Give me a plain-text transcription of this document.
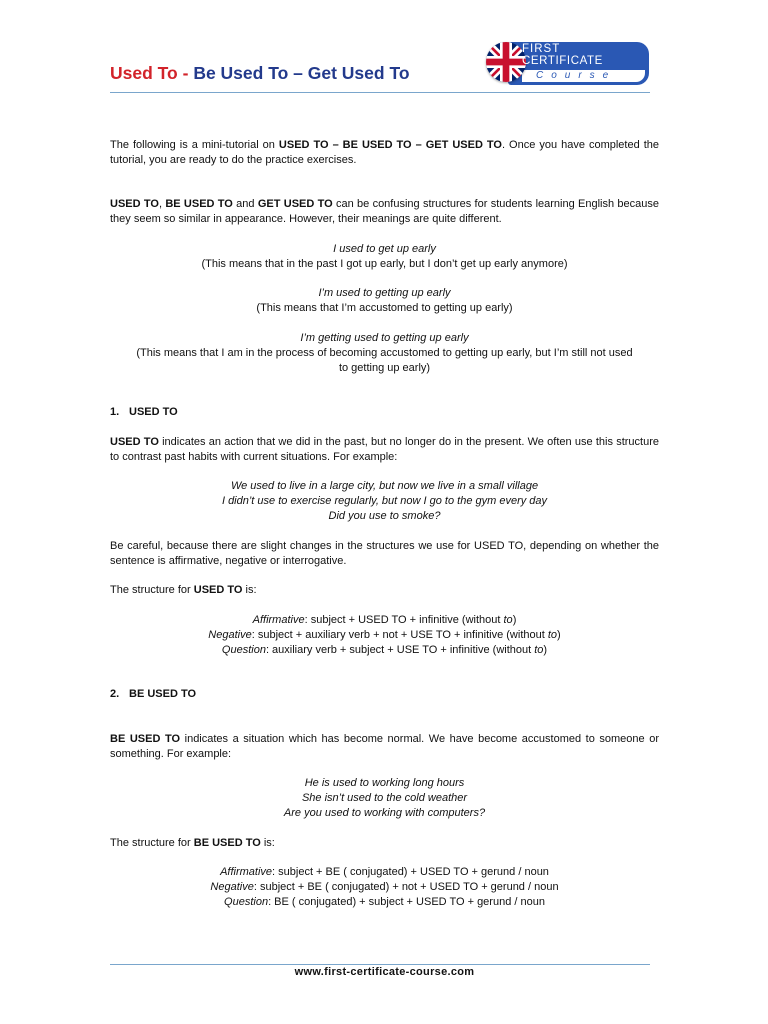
Used To - Be Used To – Get Used To
FIRST
CERTIFICATE
Course
The following is a mini-tutorial on USED TO – BE USED TO – GET USED TO. Once you have completed the tutorial, you are ready to do the practice exercises.
USED TO, BE USED TO and GET USED TO can be confusing structures for students learning English because they seem so similar in appearance. However, their meanings are quite different.
I used to get up early
(This means that in the past I got up early, but I don’t get up early anymore)
I’m used to getting up early
(This means that I’m accustomed to getting up early)
I’m getting used to getting up early
(This means that I am in the process of becoming accustomed to getting up early, but I’m still not used
to getting up early)
1. USED TO
USED TO indicates an action that we did in the past, but no longer do in the present. We often use this structure to contrast past habits with current situations. For example:
We used to live in a large city, but now we live in a small village
I didn’t use to exercise regularly, but now I go to the gym every day
Did you use to smoke?
Be careful, because there are slight changes in the structures we use for USED TO, depending on whether the sentence is affirmative, negative or interrogative.
The structure for USED TO is:
Affirmative: subject + USED TO + infinitive (without to)
Negative: subject + auxiliary verb + not + USE TO + infinitive (without to)
Question: auxiliary verb + subject + USE TO + infinitive (without to)
2. BE USED TO
BE USED TO indicates a situation which has become normal. We have become accustomed to someone or something. For example:
He is used to working long hours
She isn’t used to the cold weather
Are you used to working with computers?
The structure for BE USED TO is:
Affirmative: subject + BE ( conjugated) + USED TO + gerund / noun
Negative: subject + BE ( conjugated) + not + USED TO + gerund / noun
Question: BE ( conjugated) + subject + USED TO + gerund / noun
www.first-certificate-course.com
